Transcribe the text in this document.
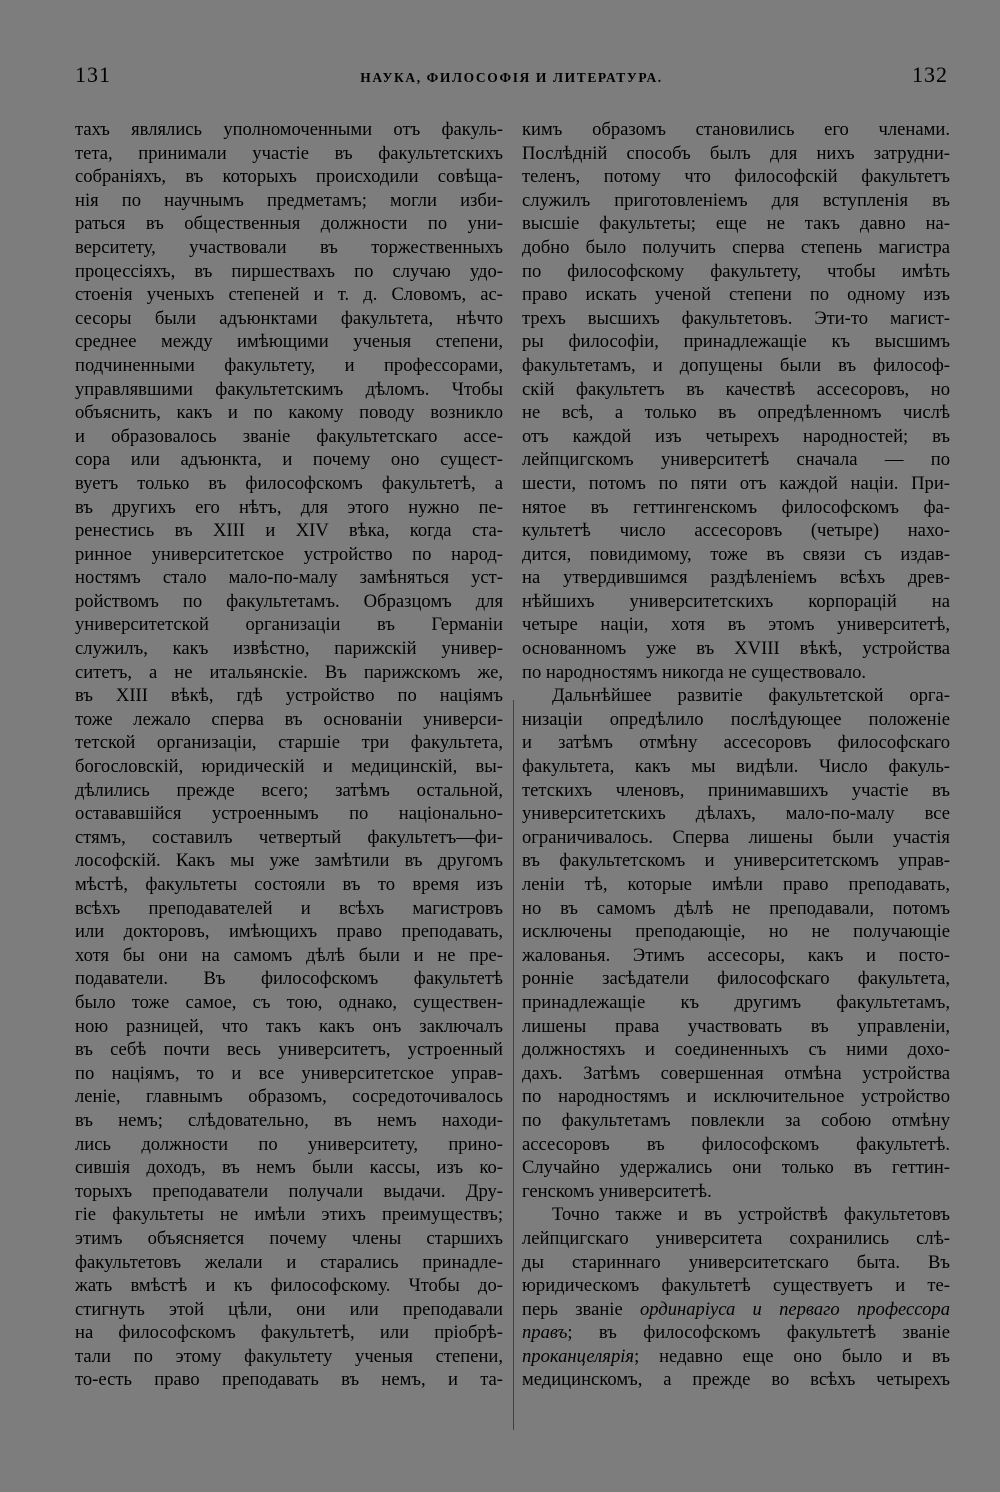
131	НАУКА, ФИЛОСОФІЯ И ЛИТЕРАТУРА.	132
тахъ являлись уполномоченными отъ факуль-
тета, принимали участіе въ факультетскихъ
собраніяхъ, въ которыхъ происходили совѣща-
нія по научнымъ предметамъ; могли изби-
раться въ общественныя должности по уни-
верситету, участвовали въ торжественныхъ
процессіяхъ, въ пиршествахъ по случаю удо-
стоенія ученыхъ степеней и т. д. Словомъ, ас-
сесоры были адъюнктами факультета, нѣчто
среднее между имѣющими ученыя степени,
подчиненными факультету, и профессорами,
управлявшими факультетскимъ дѣломъ. Чтобы
объяснить, какъ и по какому поводу возникло
и образовалось званіе факультетскаго ассе-
сора или адъюнкта, и почему оно сущест-
вуетъ только въ философскомъ факультетѣ, а
въ другихъ его нѣтъ, для этого нужно пе-
ренестись въ XIII и XIV вѣка, когда ста-
ринное университетское устройство по народ-
ностямъ стало мало-по-малу замѣняться уст-
ройствомъ по факультетамъ. Образцомъ для
университетской организаціи въ Германіи
служилъ, какъ извѣстно, парижскій универ-
ситетъ, а не итальянскіе. Въ парижскомъ же,
въ XIII вѣкѣ, гдѣ устройство по націямъ
тоже лежало сперва въ основаніи универси-
тетской организаціи, старшіе три факультета,
богословскій, юридическій и медицинскій, вы-
дѣлились прежде всего; затѣмъ остальной,
остававшійся устроеннымъ по національно-
стямъ, составилъ четвертый факультетъ—фи-
лософскій. Какъ мы уже замѣтили въ другомъ
мѣстѣ, факультеты состояли въ то время изъ
всѣхъ преподавателей и всѣхъ магистровъ
или докторовъ, имѣющихъ право преподавать,
хотя бы они на самомъ дѣлѣ были и не пре-
подаватели. Въ философскомъ факультетѣ
было тоже самое, съ тою, однако, существен-
ною разницей, что такъ какъ онъ заключалъ
въ себѣ почти весь университетъ, устроенный
по націямъ, то и все университетское управ-
леніе, главнымъ образомъ, сосредоточивалось
въ немъ; слѣдовательно, въ немъ находи-
лись должности по университету, прино-
сившія доходъ, въ немъ были кассы, изъ ко-
торыхъ преподаватели получали выдачи. Дру-
гіе факультеты не имѣли этихъ преимуществъ;
этимъ объясняется почему члены старшихъ
факультетовъ желали и старались принадле-
жать вмѣстѣ и къ философскому. Чтобы до-
стигнуть этой цѣли, они или преподавали
на философскомъ факультетѣ, или пріобрѣ-
тали по этому факультету ученыя степени,
то-есть право преподавать въ немъ, и та-
кимъ образомъ становились его членами.
Послѣдній способъ былъ для нихъ затрудни-
теленъ, потому что философскій факультетъ
служилъ приготовленіемъ для вступленія въ
высшіе факультеты; еще не такъ давно на-
добно было получить сперва степень магистра
по философскому факультету, чтобы имѣть
право искать ученой степени по одному изъ
трехъ высшихъ факультетовъ. Эти-то магист-
ры философіи, принадлежащіе къ высшимъ
факультетамъ, и допущены были въ философ-
скій факультетъ въ качествѣ ассесоровъ, но
не всѣ, а только въ опредѣленномъ числѣ
отъ каждой изъ четырехъ народностей; въ
лейпцигскомъ университетѣ сначала — по
шести, потомъ по пяти отъ каждой націи. При-
нятое въ геттингенскомъ философскомъ фа-
культетѣ число ассесоровъ (четыре) нахо-
дится, повидимому, тоже въ связи съ издав-
на утвердившимся раздѣленіемъ всѣхъ древ-
нѣйшихъ университетскихъ корпорацій на
четыре націи, хотя въ этомъ университетѣ,
основанномъ уже въ XVIII вѣкѣ, устройства
по народностямъ никогда не существовало.
Дальнѣйшее развитіе факультетской орга-
низаціи опредѣлило послѣдующее положеніе
и затѣмъ отмѣну ассесоровъ философскаго
факультета, какъ мы видѣли. Число факуль-
тетскихъ членовъ, принимавшихъ участіе въ
университетскихъ дѣлахъ, мало-по-малу все
ограничивалось. Сперва лишены были участія
въ факультетскомъ и университетскомъ управ-
леніи тѣ, которые имѣли право преподавать,
но въ самомъ дѣлѣ не преподавали, потомъ
исключены преподающіе, но не получающіе
жалованья. Этимъ ассесоры, какъ и посто-
ронніе засѣдатели философскаго факультета,
принадлежащіе къ другимъ факультетамъ,
лишены права участвовать въ управленіи,
должностяхъ и соединенныхъ съ ними дохо-
дахъ. Затѣмъ совершенная отмѣна устройства
по народностямъ и исключительное устройство
по факультетамъ повлекли за собою отмѣну
ассесоровъ въ философскомъ факультетѣ.
Случайно удержались они только въ геттин-
генскомъ университетѣ.
Точно также и въ устройствѣ факультетовъ
лейпцигскаго университета сохранились слѣ-
ды стариннаго университетскаго быта. Въ
юридическомъ факультетѣ существуетъ и те-
перь званіе ординаріуса и перваго профессора
правъ; въ философскомъ факультетѣ званіе
проканцелярія; недавно еще оно было и въ
медицинскомъ, а прежде во всѣхъ четырехъ
